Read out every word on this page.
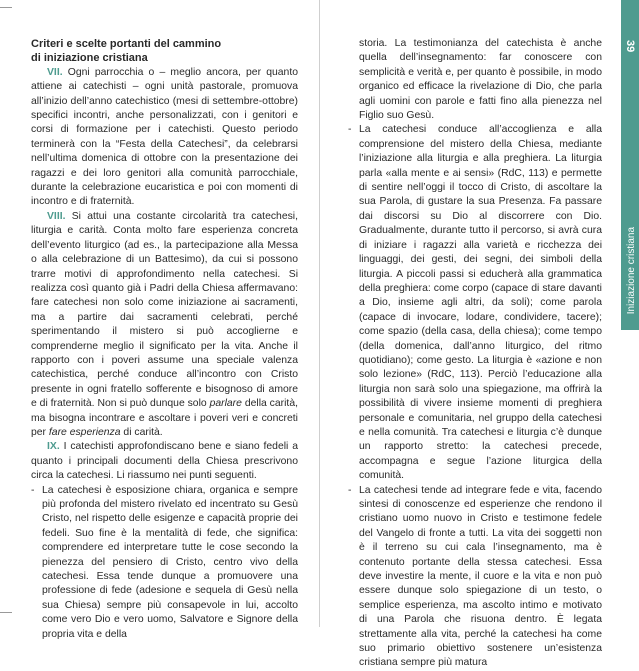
Criteri e scelte portanti del cammino
di iniziazione cristiana

VII. Ogni parrocchia o – meglio ancora, per quanto attiene ai catechisti – ogni unità pastorale, promuova all’inizio dell’anno catechistico (mesi di settembre-ottobre) specifici incontri, anche personalizzati, con i genitori e corsi di formazione per i catechisti. Questo periodo terminerà con la “Festa della Catechesi”, da celebrarsi nell’ultima domenica di ottobre con la presentazione dei ragazzi e dei loro genitori alla comunità parrocchiale, durante la celebrazione eucaristica e poi con momenti di incontro e di fraternità.

VIII. Si attui una costante circolarità tra catechesi, liturgia e carità. Conta molto fare esperienza concreta dell’evento liturgico (ad es., la partecipazione alla Messa o alla celebrazione di un Battesimo), da cui si possono trarre motivi di approfondimento nella catechesi. Si realizza così quanto già i Padri della Chiesa affermavano: fare catechesi non solo come iniziazione ai sacramenti, ma a partire dai sacramenti celebrati, perché sperimentando il mistero si può accoglierne e comprenderne meglio il significato per la vita. Anche il rapporto con i poveri assume una speciale valenza catechistica, perché conduce all’incontro con Cristo presente in ogni fratello sofferente e bisognoso di amore e di fraternità. Non si può dunque solo parlare della carità, ma bisogna incontrare e ascoltare i poveri veri e concreti per fare esperienza di carità.

IX. I catechisti approfondiscano bene e siano fedeli a quanto i principali documenti della Chiesa prescrivono circa la catechesi. Li riassumo nei punti seguenti.

- La catechesi è esposizione chiara, organica e sempre più profonda del mistero rivelato ed incentrato su Gesù Cristo, nel rispetto delle esigenze e capacità proprie dei fedeli. Suo fine è la mentalità di fede, che significa: comprendere ed interpretare tutte le cose secondo la pienezza del pensiero di Cristo, centro vivo della catechesi. Essa tende dunque a promuovere una professione di fede (adesione e sequela di Gesù nella sua Chiesa) sempre più consapevole in lui, accolto come vero Dio e vero uomo, Salvatore e Signore della propria vita e della

storia. La testimonianza del catechista è anche quella dell’insegnamento: far conoscere con semplicità e verità e, per quanto è possibile, in modo organico ed efficace la rivelazione di Dio, che parla agli uomini con parole e fatti fino alla pienezza nel Figlio suo Gesù.

- La catechesi conduce all’accoglienza e alla comprensione del mistero della Chiesa, mediante l’iniziazione alla liturgia e alla preghiera. La liturgia parla «alla mente e ai sensi» (RdC, 113) e permette di sentire nell’oggi il tocco di Cristo, di ascoltare la sua Parola, di gustare la sua Presenza. Fa passare dai discorsi su Dio al discorrere con Dio. Gradualmente, durante tutto il percorso, si avrà cura di iniziare i ragazzi alla varietà e ricchezza dei linguaggi, dei gesti, dei segni, dei simboli della liturgia. A piccoli passi si educherà alla grammatica della preghiera: come corpo (capace di stare davanti a Dio, insieme agli altri, da soli); come parola (capace di invocare, lodare, condividere, tacere); come spazio (della casa, della chiesa); come tempo (della domenica, dall’anno liturgico, del ritmo quotidiano); come gesto. La liturgia è «azione e non solo lezione» (RdC, 113). Perciò l’educazione alla liturgia non sarà solo una spiegazione, ma offrirà la possibilità di vivere insieme momenti di preghiera personale e comunitaria, nel gruppo della catechesi e nella comunità. Tra catechesi e liturgia c’è dunque un rapporto stretto: la catechesi precede, accompagna e segue l’azione liturgica della comunità.

- La catechesi tende ad integrare fede e vita, facendo sintesi di conoscenze ed esperienze che rendono il cristiano uomo nuovo in Cristo e testimone fedele del Vangelo di fronte a tutti. La vita dei soggetti non è il terreno su cui cala l’insegnamento, ma è contenuto portante della stessa catechesi. Essa deve investire la mente, il cuore e la vita e non può essere dunque solo spiegazione di un testo, o semplice esperienza, ma ascolto intimo e motivato di una Parola che risuona dentro. È legata strettamente alla vita, perché la catechesi ha come suo primario obiettivo sostenere un’esistenza cristiana sempre più matura

39
Iniziazione cristiana
